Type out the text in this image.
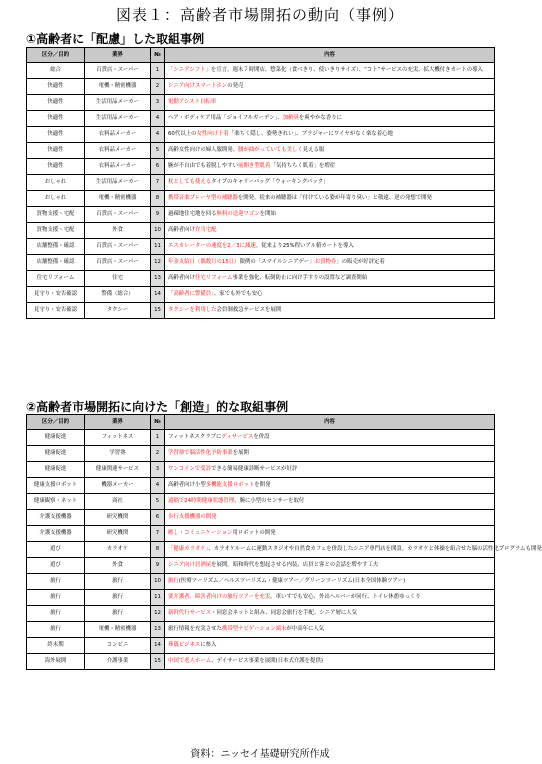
図表１：高齢者市場開拓の動向（事例）
①高齢者に「配慮」した取組事例
区分／目的	業界	№	内容
総合	百貨店・スーパー	1	「シニアシフト」を宣言。週末７時開店、惣菜化（食べきり、使いきりサイズ）、“コト”サービスの充実、拡大機付きカートの導入
快適性	電機・精密機器	2	シニア向けスマートホンの発売
快適性	生活用品メーカー	3	電動アシスト自転車
快適性	生活用品メーカー	4	ヘア・ボディケア用品「ジョイフルガーデン」、加齢臭を爽やかな香りに
快適性	衣料品メーカー	4	60代以上の女性向け下着「楽ちく隠し、姿勢きれい」、ブラジャーにワイヤがなく楽な着心地
快適性	衣料品メーカー	5	高齢女性向けの婦人服開発、腰が曲がっていても美しく見える服
快適性	衣料品メーカー	6	腕が不自由でも着脱しやすい前開き型肌着「気持ちらく肌着」を増産
おしゃれ	生活用品メーカー	7	杖としても使えるタイプのキャリーバッグ「ウォーキングパック」
おしゃれ	電機・精密機器	8	携帯音楽プレーヤ型の補聴器を開発。従来の補聴器は「付けている姿が年寄り臭い」と敬遠、逆の発想で開発
買物支援・宅配	百貨店・スーパー	9	過疎地住宅地を回る無料の送迎ワゴンを開始
買物支援・宅配	外食	10	高齢者向け弁当宅配
店舗整備・確認	百貨店・スーパー	11	エスカレーターの速度を2／3に減速。従来より25%程いアル値カートを導入
店舗整備・確認	百貨店・スーパー	12	年金支給日（偶数月の15日）限例の「スマイルシニアデー」お買物券」の販売が好評定着
住宅リフォーム	住宅	13	高齢者向け住宅リフォーム事業を強化、転倒防止に向け手すりの設置など調査開始
見守り・安否確認	警備（総合）	14	「高齢者に警備員」、家でも外でも安心
見守り・安否確認	タクシー	15	タクシーを利用した会員制救急サービスを展開
②高齢者市場開拓に向けた「創造」的な取組事例
区分／目的	業界	№	内容
健康促進	フィットネス	1	フィットネスクラブにディサービスを併設
健康促進	学習塾	2	学習塾で脳活性化予防事業を展開
健康促進	健康関連サービス	3	ワンコインで受診できる簡易健康診断サービスが好評
健康支援ロボット	機器メーカー	4	高齢者向け小型多機能支援ロボットを開発
健康観察・ネット	商社	5	遠隔で24時間健康状態管理、腕に小型のセンサーを取付
介護支援機器	研究機関	6	歩行支援機器の開発
介護支援機器	研究機関	7	癒し・コミュニケーション用ロボットの開発
遊び	カラオケ	8	「健康カラオケ」、カラオケルームに運動スタジオや自然食カフェを併設したシニア専門店を開設。カラオケと体操を組合せた脳の活性化プログラムも開発
遊び	外食	9	シニア向け居酒屋を展開。昭和時代を想起させる内装、店員と客との会話を増やす工夫
旅行	旅行	10	旅行(医療ツーリズム／ヘルスツーリズム・健康ツアー／グリーンツーリズム(日本全国体験ツアー)
旅行	旅行	11	要介護者、障害者向けの旅行ツアーを充実。車いすでも安心、外出ヘルパーが同行、トイレ休憩ゆっくり
旅行	旅行	12	新幹代行サービス・同窓会ネットと組み、同窓会旅行を手配。シニア層に人気
旅行	電機・精密機器	13	旅行情報を充実させた携帯型ナビゲーション端末が中高年に人気
終末期	コンビニ	14	葬儀ビジネスに参入
海外展開	介護事業	15	中国で老人ホーム、デイサービス事業を展開(日本式介護を提供)
資料：ニッセイ基礎研究所作成
